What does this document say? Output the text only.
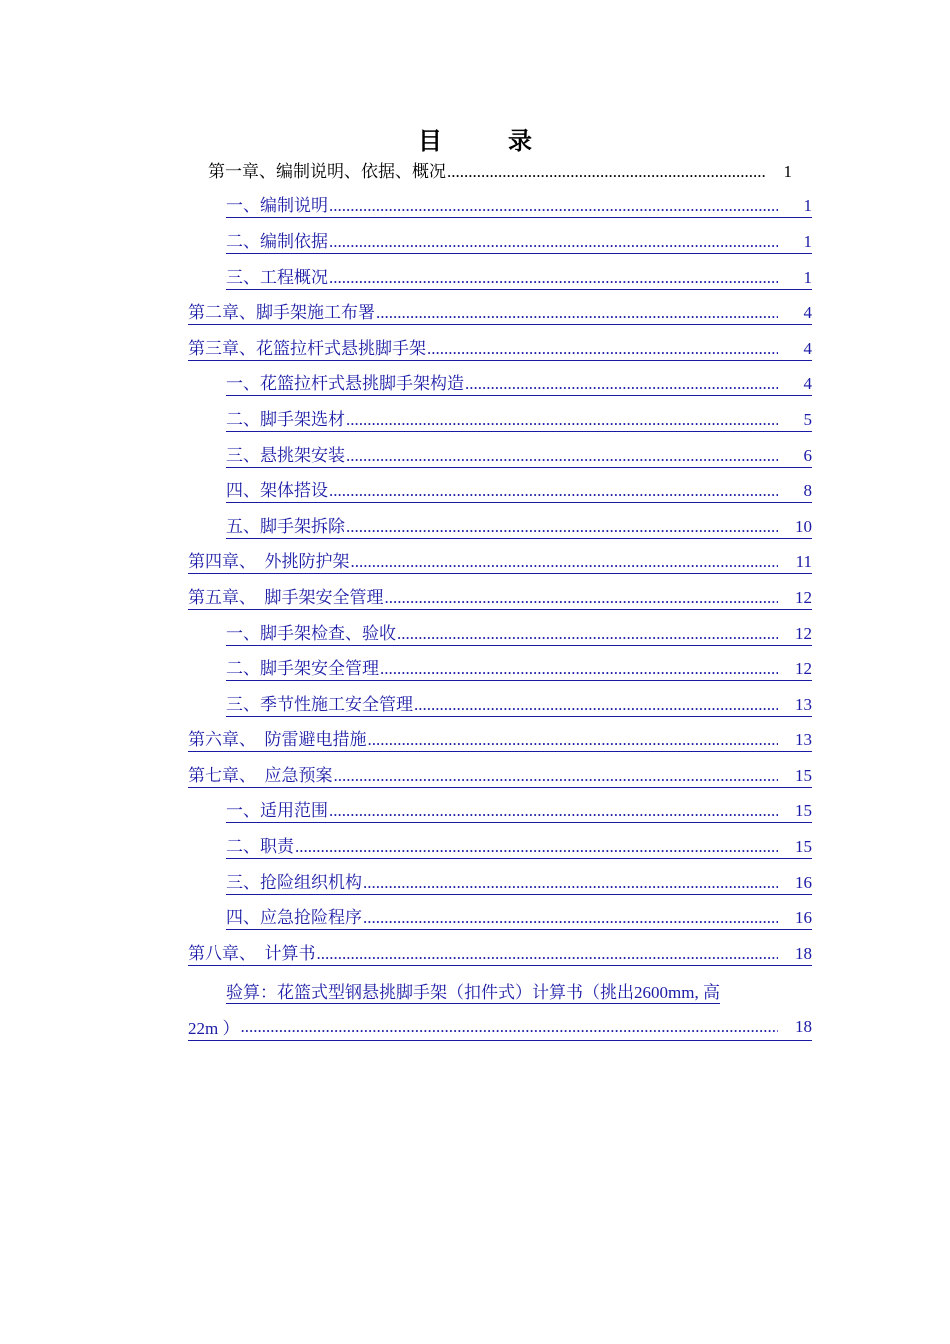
目 录
第一章、编制说明、依据、概况 .....	1
一、编制说明 .....	1
二、编制依据 .....	1
三、工程概况 .....	1
第二章、脚手架施工布署 .....	4
第三章、花篮拉杆式悬挑脚手架 .....	4
一、花篮拉杆式悬挑脚手架构造 .....	4
二、脚手架选材 .....	5
三、悬挑架安装 .....	6
四、架体搭设 .....	8
五、脚手架拆除 .....	10
第四章、　外挑防护架 .....	11
第五章、　脚手架安全管理 .....	12
一、脚手架检查、验收 .....	12
二、脚手架安全管理 .....	12
三、季节性施工安全管理 .....	13
第六章、　防雷避电措施 .....	13
第七章、　应急预案 .....	15
一、适用范围 .....	15
二、职责 .....	15
三、抢险组织机构 .....	16
四、应急抢险程序 .....	16
第八章、　计算书 .....	18
验算：花篮式型钢悬挑脚手架（扣件式）计算书（挑出2600mm, 高
22m ） .....	18
